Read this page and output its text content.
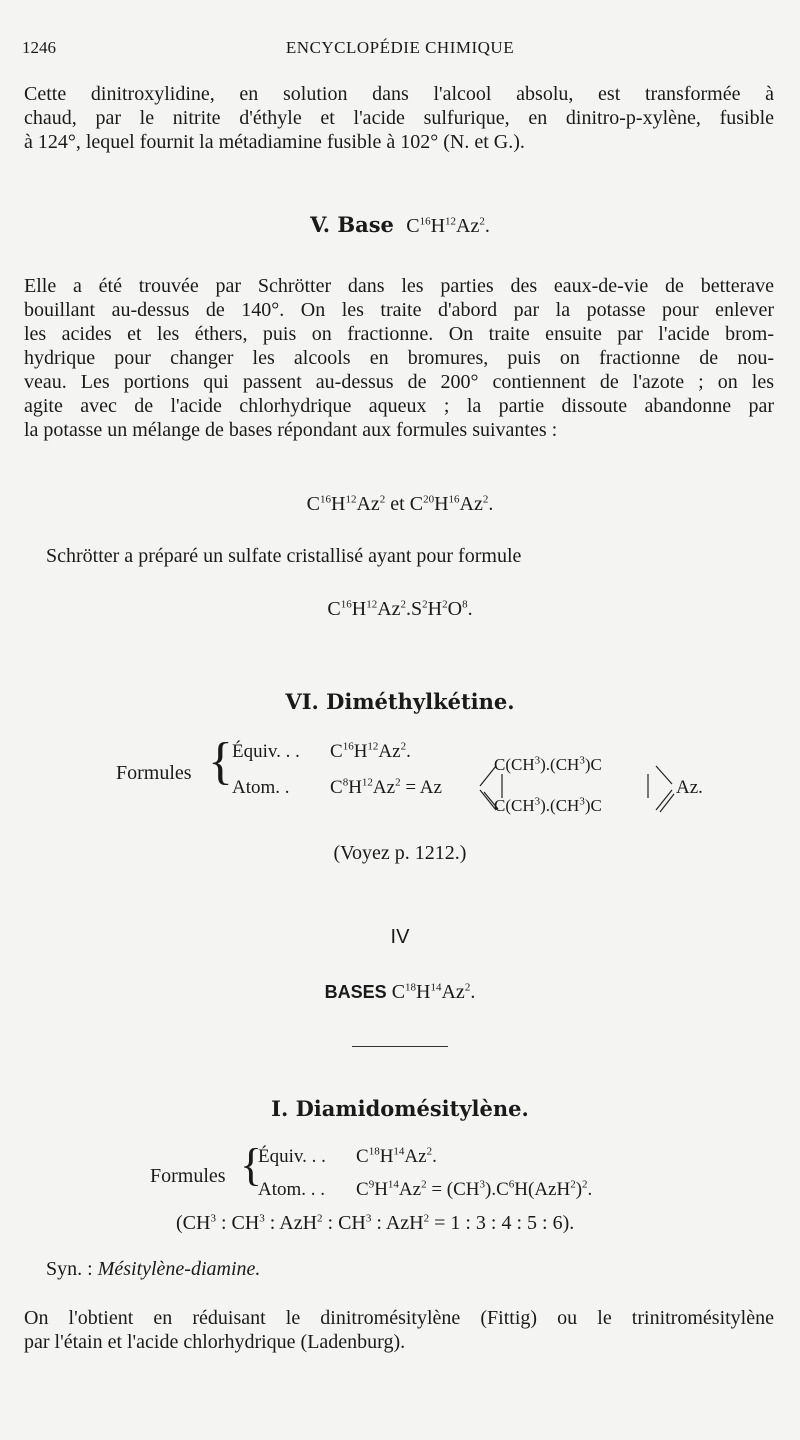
1246	ENCYCLOPÉDIE CHIMIQUE
Cette dinitroxylidine, en solution dans l'alcool absolu, est transformée à
chaud, par le nitrite d'éthyle et l'acide sulfurique, en dinitro-p-xylène, fusible
à 124°, lequel fournit la métadiamine fusible à 102° (N. et G.).
V. Base  $C^{16}H^{12}Az^2$.
Elle a été trouvée par Schrötter dans les parties des eaux-de-vie de betterave
bouillant au-dessus de 140°. On les traite d'abord par la potasse pour enlever
les acides et les éthers, puis on fractionne. On traite ensuite par l'acide brom-
hydrique pour changer les alcools en bromures, puis on fractionne de nou-
veau. Les portions qui passent au-dessus de 200° contiennent de l'azote ; on les
agite avec de l'acide chlorhydrique aqueux ; la partie dissoute abandonne par
la potasse un mélange de bases répondant aux formules suivantes :
$C^{16}H^{12}Az^2$ et $C^{20}H^{16}Az^2$.
Schrötter a préparé un sulfate cristallisé ayant pour formule
$C^{16}H^{12}Az^2.S^2H^2O^8$.
VI. Diméthylkétine.
Formules { Équiv. . . $C^{16}H^{12}Az^2$.
Atom. . $C^8H^{12}Az^2 = Az$
$C(CH^3).(CH^3)C$
$C(CH^3).(CH^3)C$
Az.
(Voyez p. 1212.)
IV
BASES $C^{18}H^{14}Az^2$.
I. Diamidomésitylène.
Formules {
Équiv. . . $C^{18}H^{14}Az^2$.
Atom. . . $C^9H^{14}Az^2 = (CH^3).C^6H(AzH^2)^2$.
($CH^3$ : $CH^3$ : AzH$^2$ : $CH^3$ : AzH$^2$ = 1 : 3 : 4 : 5 : 6).
Syn. : Mésitylène-diamine.
On l'obtient en réduisant le dinitromésitylène (Fittig) ou le trinitromésitylène
par l'étain et l'acide chlorhydrique (Ladenburg).
